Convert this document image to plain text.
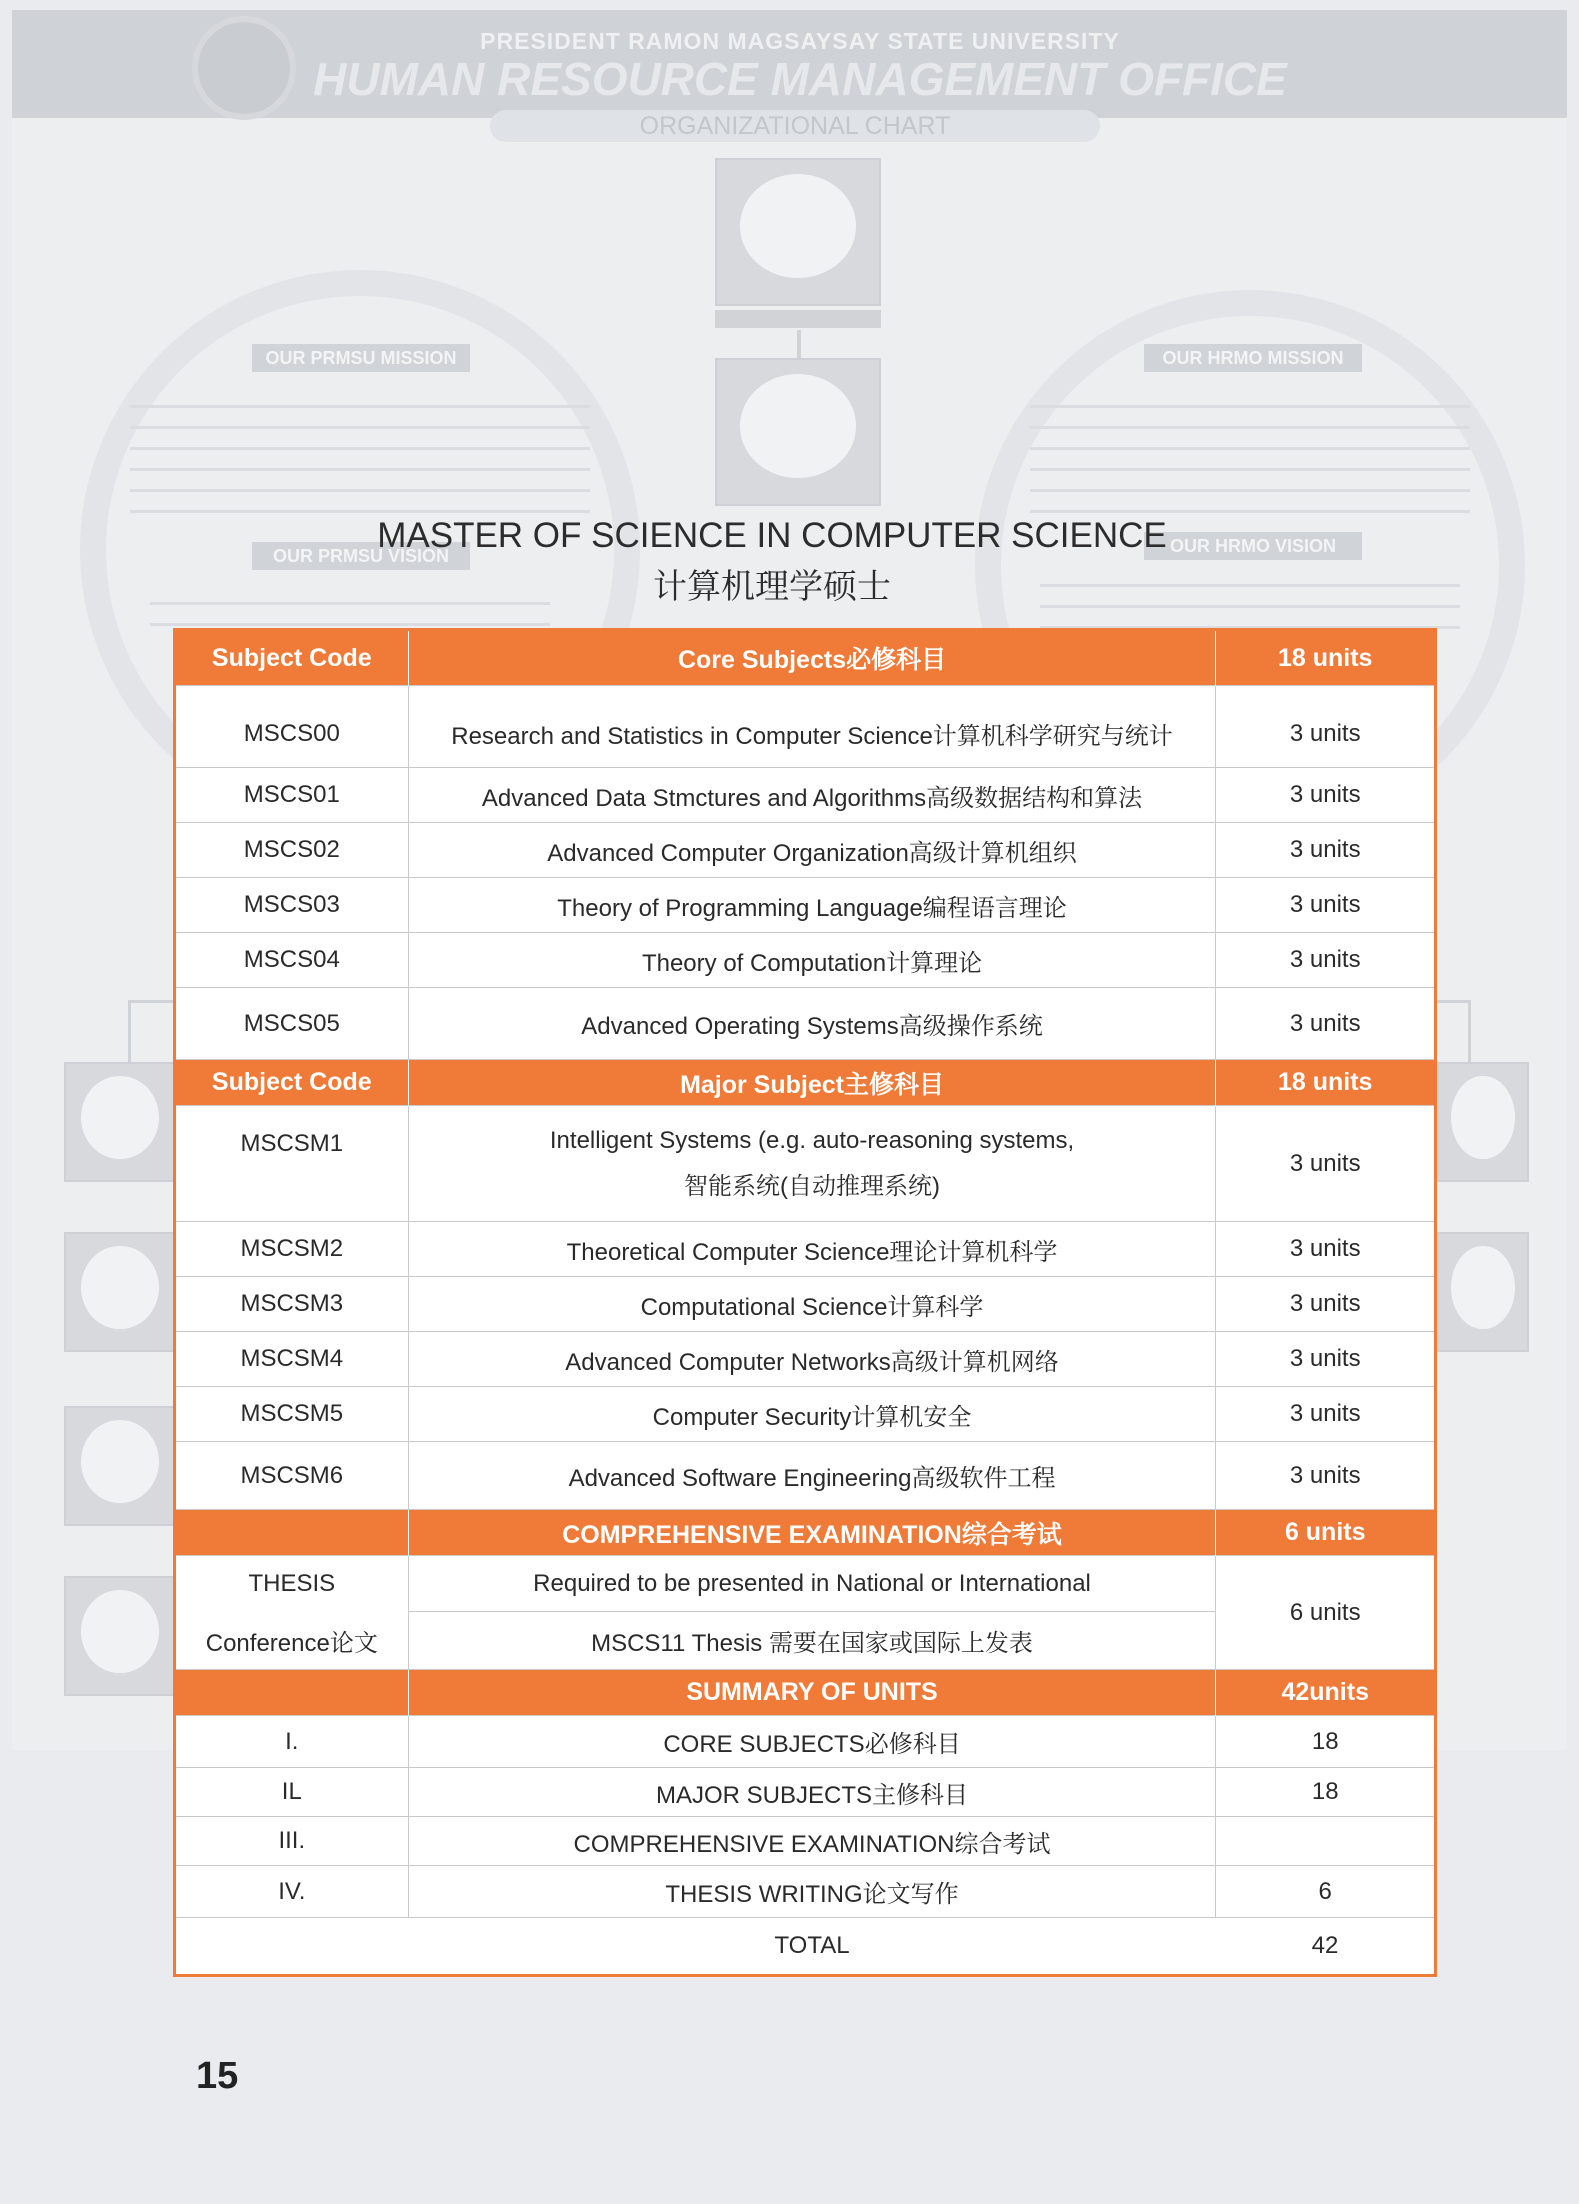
PRESIDENT RAMON MAGSAYSAY STATE UNIVERSITY
HUMAN RESOURCE MANAGEMENT OFFICE
ORGANIZATIONAL CHART
OUR PRMSU MISSION
OUR PRMSU VISION
OUR HRMO MISSION
OUR HRMO VISION
MASTER OF SCIENCE IN COMPUTER SCIENCE
计算机理学硕士
Subject Code	Core Subjects必修科目	18 units
MSCS00	Research and Statistics in Computer Science计算机科学研究与统计	3 units
MSCS01	Advanced Data Stmctures and Algorithms高级数据结构和算法	3 units
MSCS02	Advanced Computer Organization高级计算机组织	3 units
MSCS03	Theory of Programming Language编程语言理论	3 units
MSCS04	Theory of Computation计算理论	3 units
MSCS05	Advanced Operating Systems高级操作系统	3 units
Subject Code	Major Subject主修科目	18 units
MSCSM1	Intelligent Systems (e.g. auto-reasoning systems,
智能系统(自动推理系统)	3 units
MSCSM2	Theoretical Computer Science理论计算机科学	3 units
MSCSM3	Computational Science计算科学	3 units
MSCSM4	Advanced Computer Networks高级计算机网络	3 units
MSCSM5	Computer Security计算机安全	3 units
MSCSM6	Advanced Software Engineering高级软件工程	3 units
	COMPREHENSIVE EXAMINATION综合考试	6 units
THESIS	Required to be presented in National or International	6 units
Conference论文	MSCS11 Thesis 需要在国家或国际上发表	
	SUMMARY OF UNITS	42units
I.	CORE SUBJECTS必修科目	18
IL	MAJOR SUBJECTS主修科目	18
III.	COMPREHENSIVE EXAMINATION综合考试	
IV.	THESIS WRITING论文写作	6
	TOTAL	42
15
